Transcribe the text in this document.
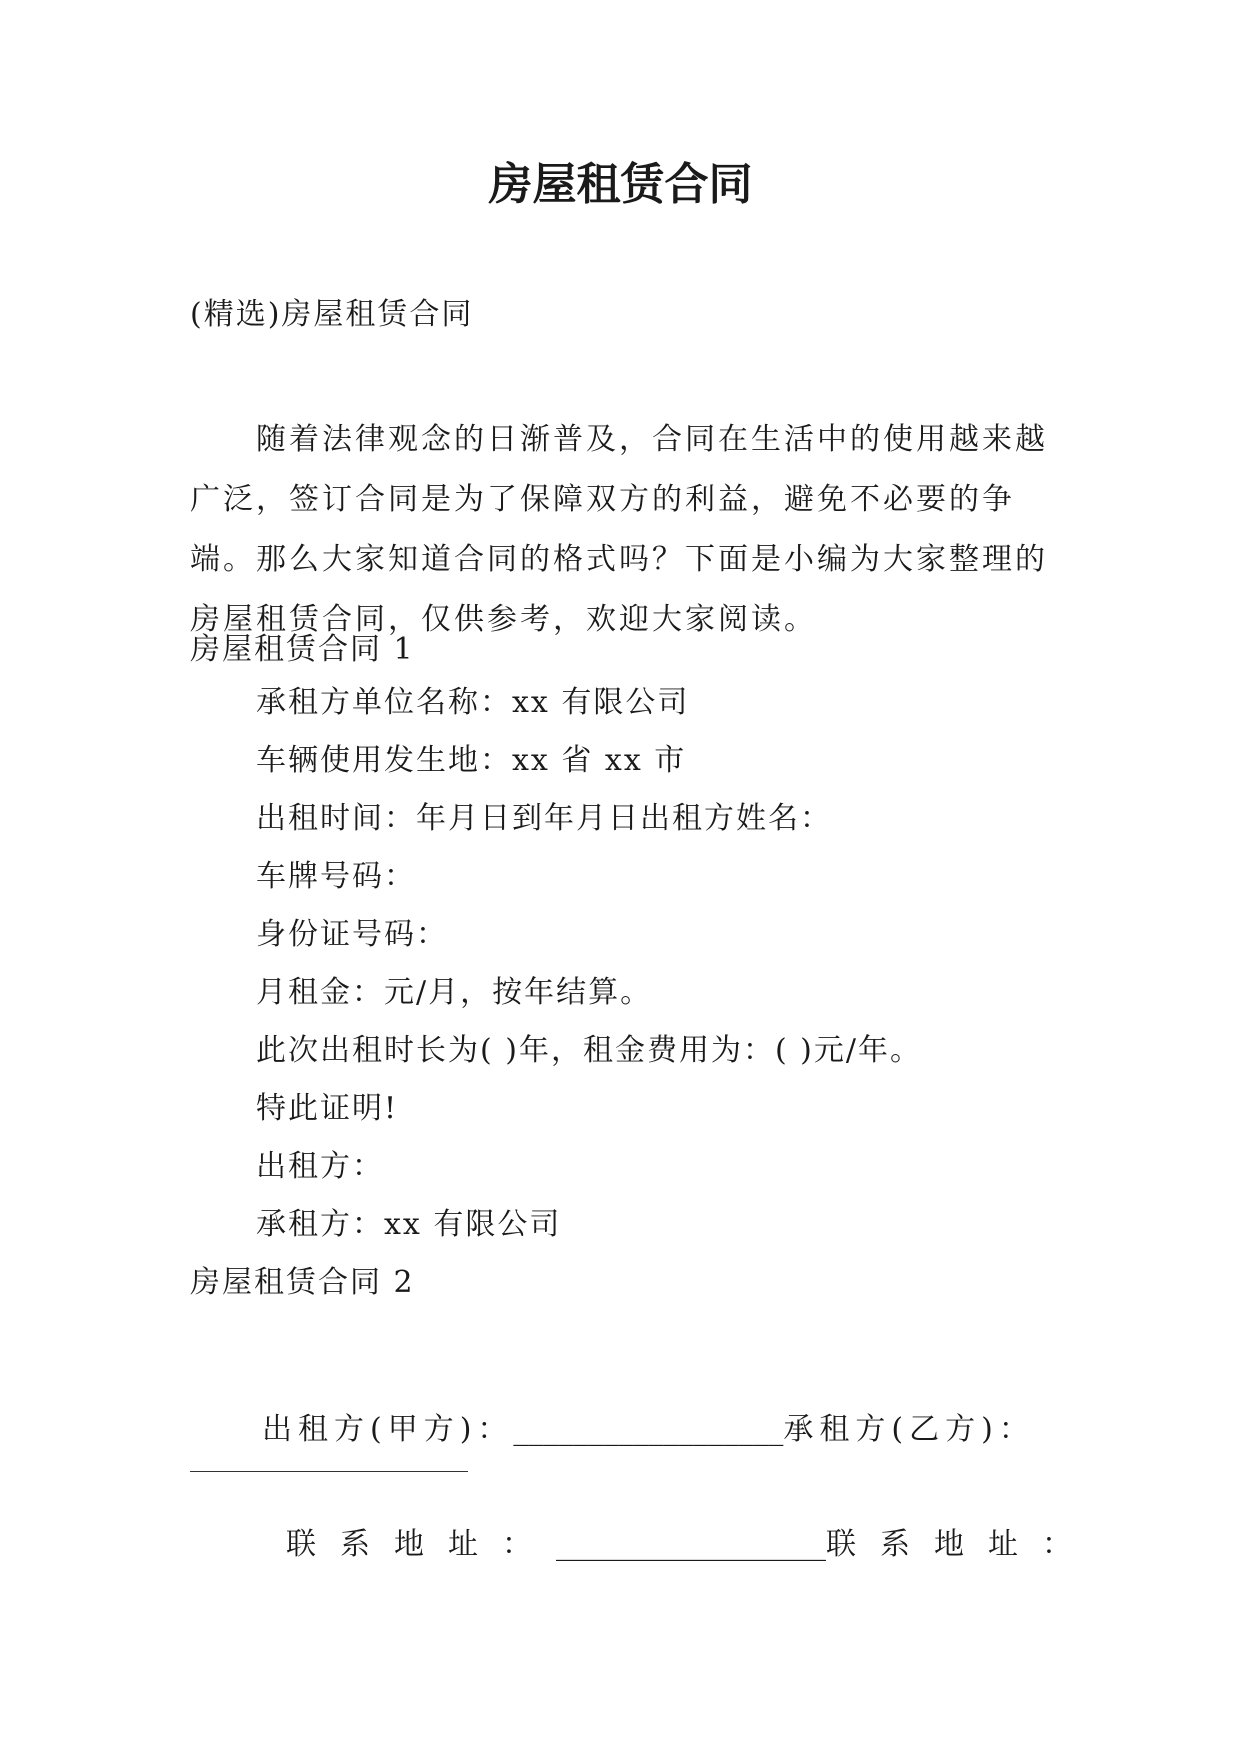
房屋租赁合同
(精选)房屋租赁合同

随着法律观念的日渐普及，合同在生活中的使用越来越广泛，签订合同是为了保障双方的利益，避免不必要的争端。那么大家知道合同的格式吗？下面是小编为大家整理的房屋租赁合同，仅供参考，欢迎大家阅读。

房屋租赁合同 1
承租方单位名称：xx 有限公司
车辆使用发生地：xx 省 xx 市
出租时间：年月日到年月日出租方姓名：
车牌号码：
身份证号码：
月租金：元/月，按年结算。
此次出租时长为( )年，租金费用为：( )元/年。
特此证明!
出租方：
承租方：xx 有限公司
房屋租赁合同 2
出租方(甲方)：__________________承租方(乙方)：
联系地址：__________________联系地址：
